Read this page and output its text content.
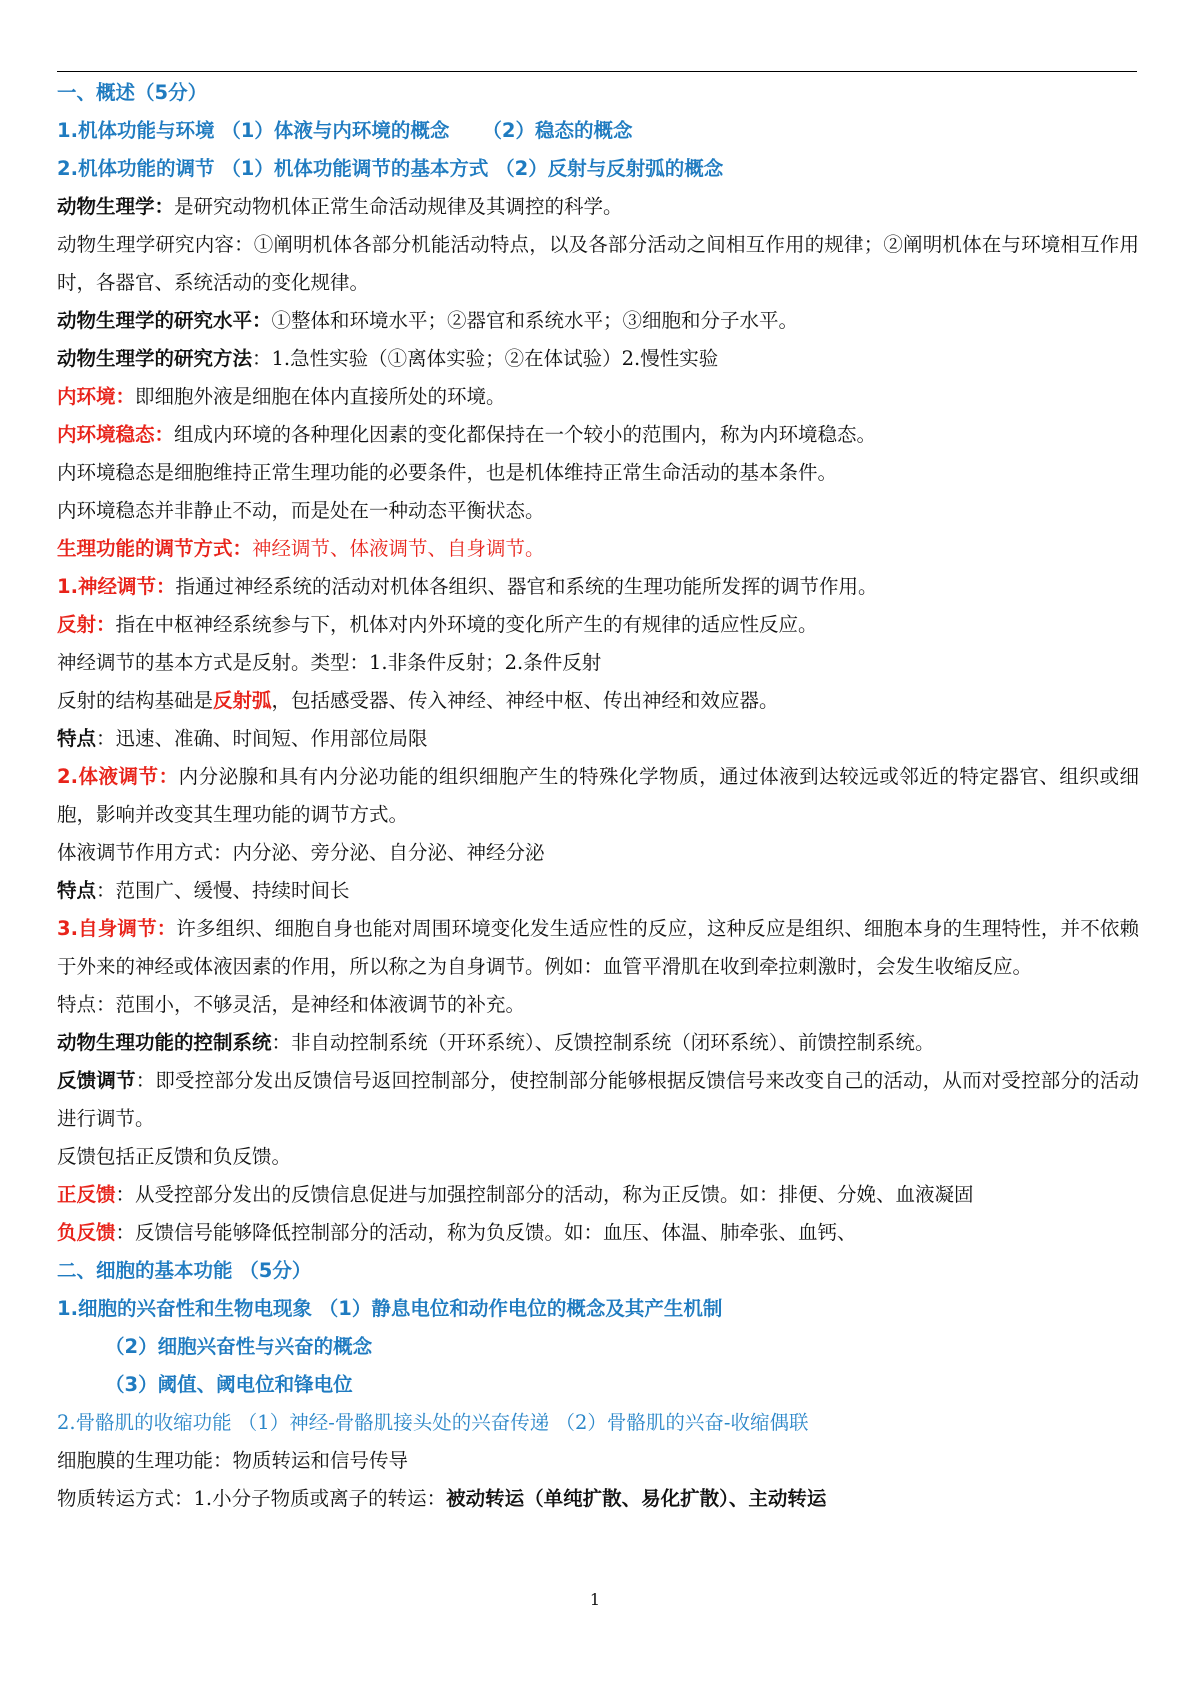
一、概述（5分）

1.机体功能与环境 （1）体液与内环境的概念 　 （2）稳态的概念

2.机体功能的调节 （1）机体功能调节的基本方式 （2）反射与反射弧的概念

动物生理学：是研究动物机体正常生命活动规律及其调控的科学。

动物生理学研究内容：①阐明机体各部分机能活动特点，以及各部分活动之间相互作用的规律；②阐明机体在与环境相互作用时，各器官、系统活动的变化规律。

动物生理学的研究水平：①整体和环境水平；②器官和系统水平；③细胞和分子水平。

动物生理学的研究方法：1.急性实验（①离体实验；②在体试验）2.慢性实验

内环境：即细胞外液是细胞在体内直接所处的环境。

内环境稳态：组成内环境的各种理化因素的变化都保持在一个较小的范围内，称为内环境稳态。

内环境稳态是细胞维持正常生理功能的必要条件，也是机体维持正常生命活动的基本条件。

内环境稳态并非静止不动，而是处在一种动态平衡状态。

生理功能的调节方式：神经调节、体液调节、自身调节。

1.神经调节：指通过神经系统的活动对机体各组织、器官和系统的生理功能所发挥的调节作用。

反射：指在中枢神经系统参与下，机体对内外环境的变化所产生的有规律的适应性反应。

神经调节的基本方式是反射。类型：1.非条件反射；2.条件反射

反射的结构基础是反射弧，包括感受器、传入神经、神经中枢、传出神经和效应器。

特点：迅速、准确、时间短、作用部位局限

2.体液调节：内分泌腺和具有内分泌功能的组织细胞产生的特殊化学物质，通过体液到达较远或邻近的特定器官、组织或细胞，影响并改变其生理功能的调节方式。

体液调节作用方式：内分泌、旁分泌、自分泌、神经分泌

特点：范围广、缓慢、持续时间长

3.自身调节：许多组织、细胞自身也能对周围环境变化发生适应性的反应，这种反应是组织、细胞本身的生理特性，并不依赖于外来的神经或体液因素的作用，所以称之为自身调节。例如：血管平滑肌在收到牵拉刺激时，会发生收缩反应。

特点：范围小，不够灵活，是神经和体液调节的补充。

动物生理功能的控制系统：非自动控制系统（开环系统）、反馈控制系统（闭环系统）、前馈控制系统。

反馈调节：即受控部分发出反馈信号返回控制部分，使控制部分能够根据反馈信号来改变自己的活动，从而对受控部分的活动进行调节。

反馈包括正反馈和负反馈。

正反馈：从受控部分发出的反馈信息促进与加强控制部分的活动，称为正反馈。如：排便、分娩、血液凝固

负反馈：反馈信号能够降低控制部分的活动，称为负反馈。如：血压、体温、肺牵张、血钙、

二、细胞的基本功能 （5分）

1.细胞的兴奋性和生物电现象 （1）静息电位和动作电位的概念及其产生机制

（2）细胞兴奋性与兴奋的概念

（3）阈值、阈电位和锋电位

2.骨骼肌的收缩功能 （1）神经-骨骼肌接头处的兴奋传递 （2）骨骼肌的兴奋-收缩偶联

细胞膜的生理功能：物质转运和信号传导

物质转运方式：1.小分子物质或离子的转运：被动转运（单纯扩散、易化扩散）、主动转运

1
